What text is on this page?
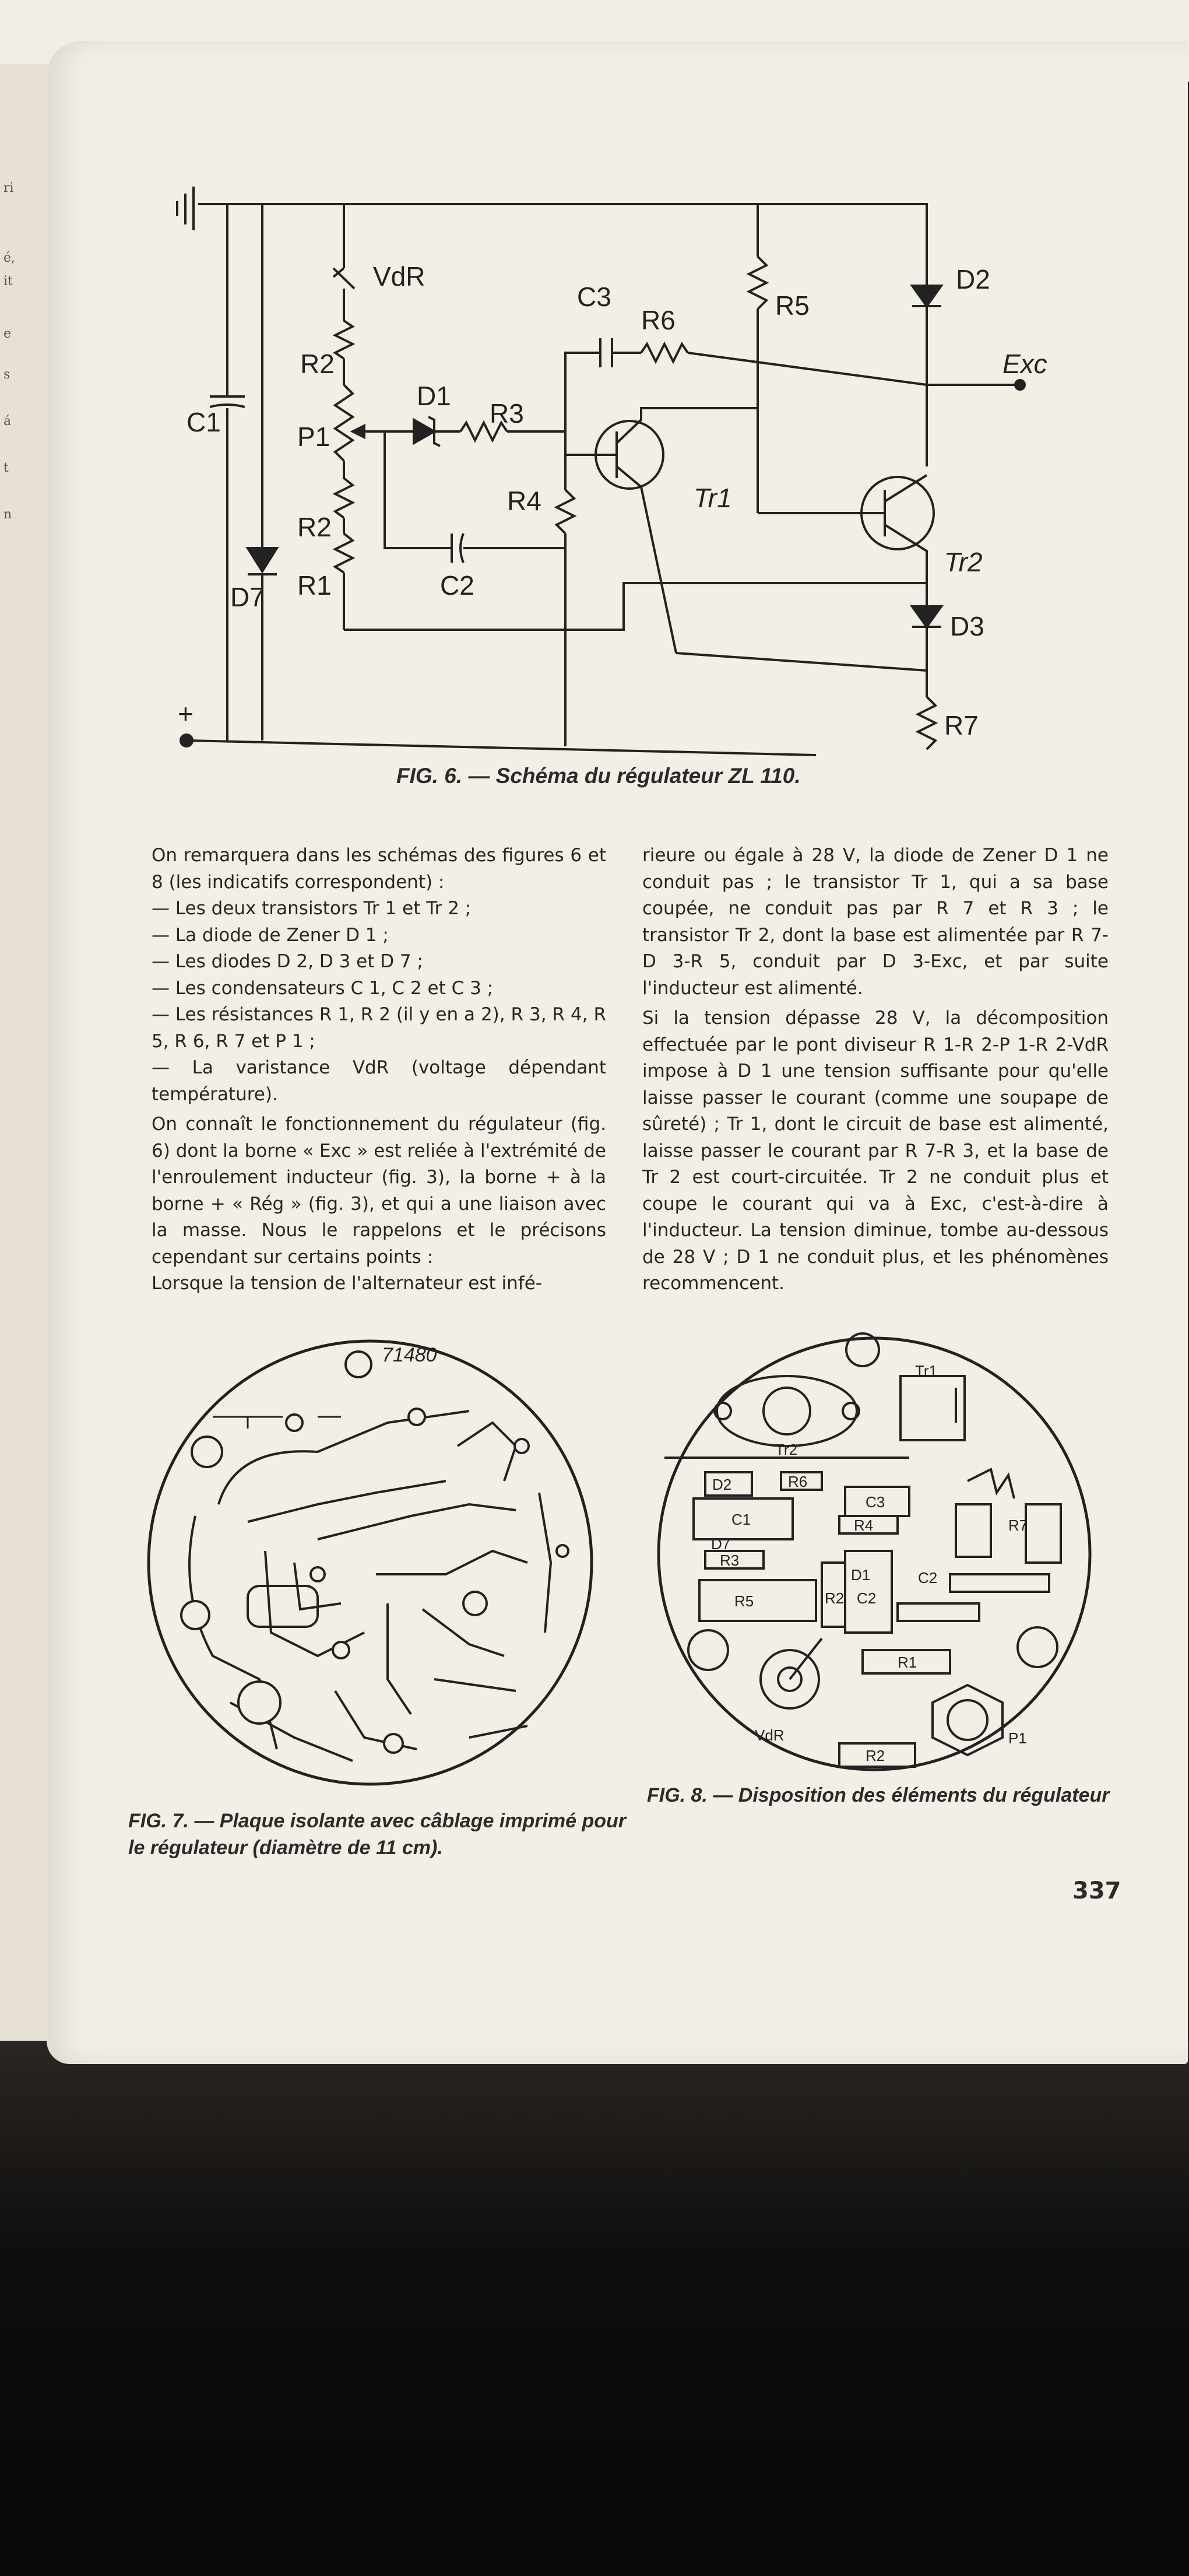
ri
é,
it
e
s
á
t
n
VdR
R5
D2
C3
R6
Exc
R2
D1
R3
C1	P1
R4	Tr1
Tr2
R2
C2
D7 R1
D3
+	R7
FIG. 6. — Schéma du régulateur ZL 110.

On remarquera dans les schémas des figures 6 et 8 (les indicatifs correspondent) :

— Les deux transistors Tr 1 et Tr 2 ;

— La diode de Zener D 1 ;

— Les diodes D 2, D 3 et D 7 ;

— Les condensateurs C 1, C 2 et C 3 ;

— Les résistances R 1, R 2 (il y en a 2), R 3, R 4, R 5, R 6, R 7 et P 1 ;

— La varistance VdR (voltage dépendant température).

On connaît le fonctionnement du régulateur (fig. 6) dont la borne « Exc » est reliée à l'extrémité de l'enroulement inducteur (fig. 3), la borne + à la borne + « Rég » (fig. 3), et qui a une liaison avec la masse. Nous le rappelons et le précisons cependant sur certains points :

Lorsque la tension de l'alternateur est infé-

rieure ou égale à 28 V, la diode de Zener D 1 ne conduit pas ; le transistor Tr 1, qui a sa base coupée, ne conduit pas par R 7 et R 3 ; le transistor Tr 2, dont la base est alimentée par R 7-D 3-R 5, conduit par D 3-Exc, et par suite l'inducteur est alimenté.

Si la tension dépasse 28 V, la décomposition effectuée par le pont diviseur R 1-R 2-P 1-R 2-VdR impose à D 1 une tension suffisante pour qu'elle laisse passer le courant (comme une soupape de sûreté) ; Tr 1, dont le circuit de base est alimenté, laisse passer le courant par R 7-R 3, et la base de Tr 2 est court-circuitée. Tr 2 ne conduit plus et coupe le courant qui va à Exc, c'est-à-dire à l'inducteur. La tension diminue, tombe au-dessous de 28 V ; D 1 ne conduit plus, et les phénomènes recommencent.

71480
FIG. 7. — Plaque isolante avec câblage imprimé pour le régulateur (diamètre de 11 cm).
Tr1
Tr2
D2	R6
C3
C1	R4
D7
R3
D1
R5	R2 C2
R7
R1
VdR	P1
R2
C2
FIG. 8. — Disposition des éléments du régulateur
337
